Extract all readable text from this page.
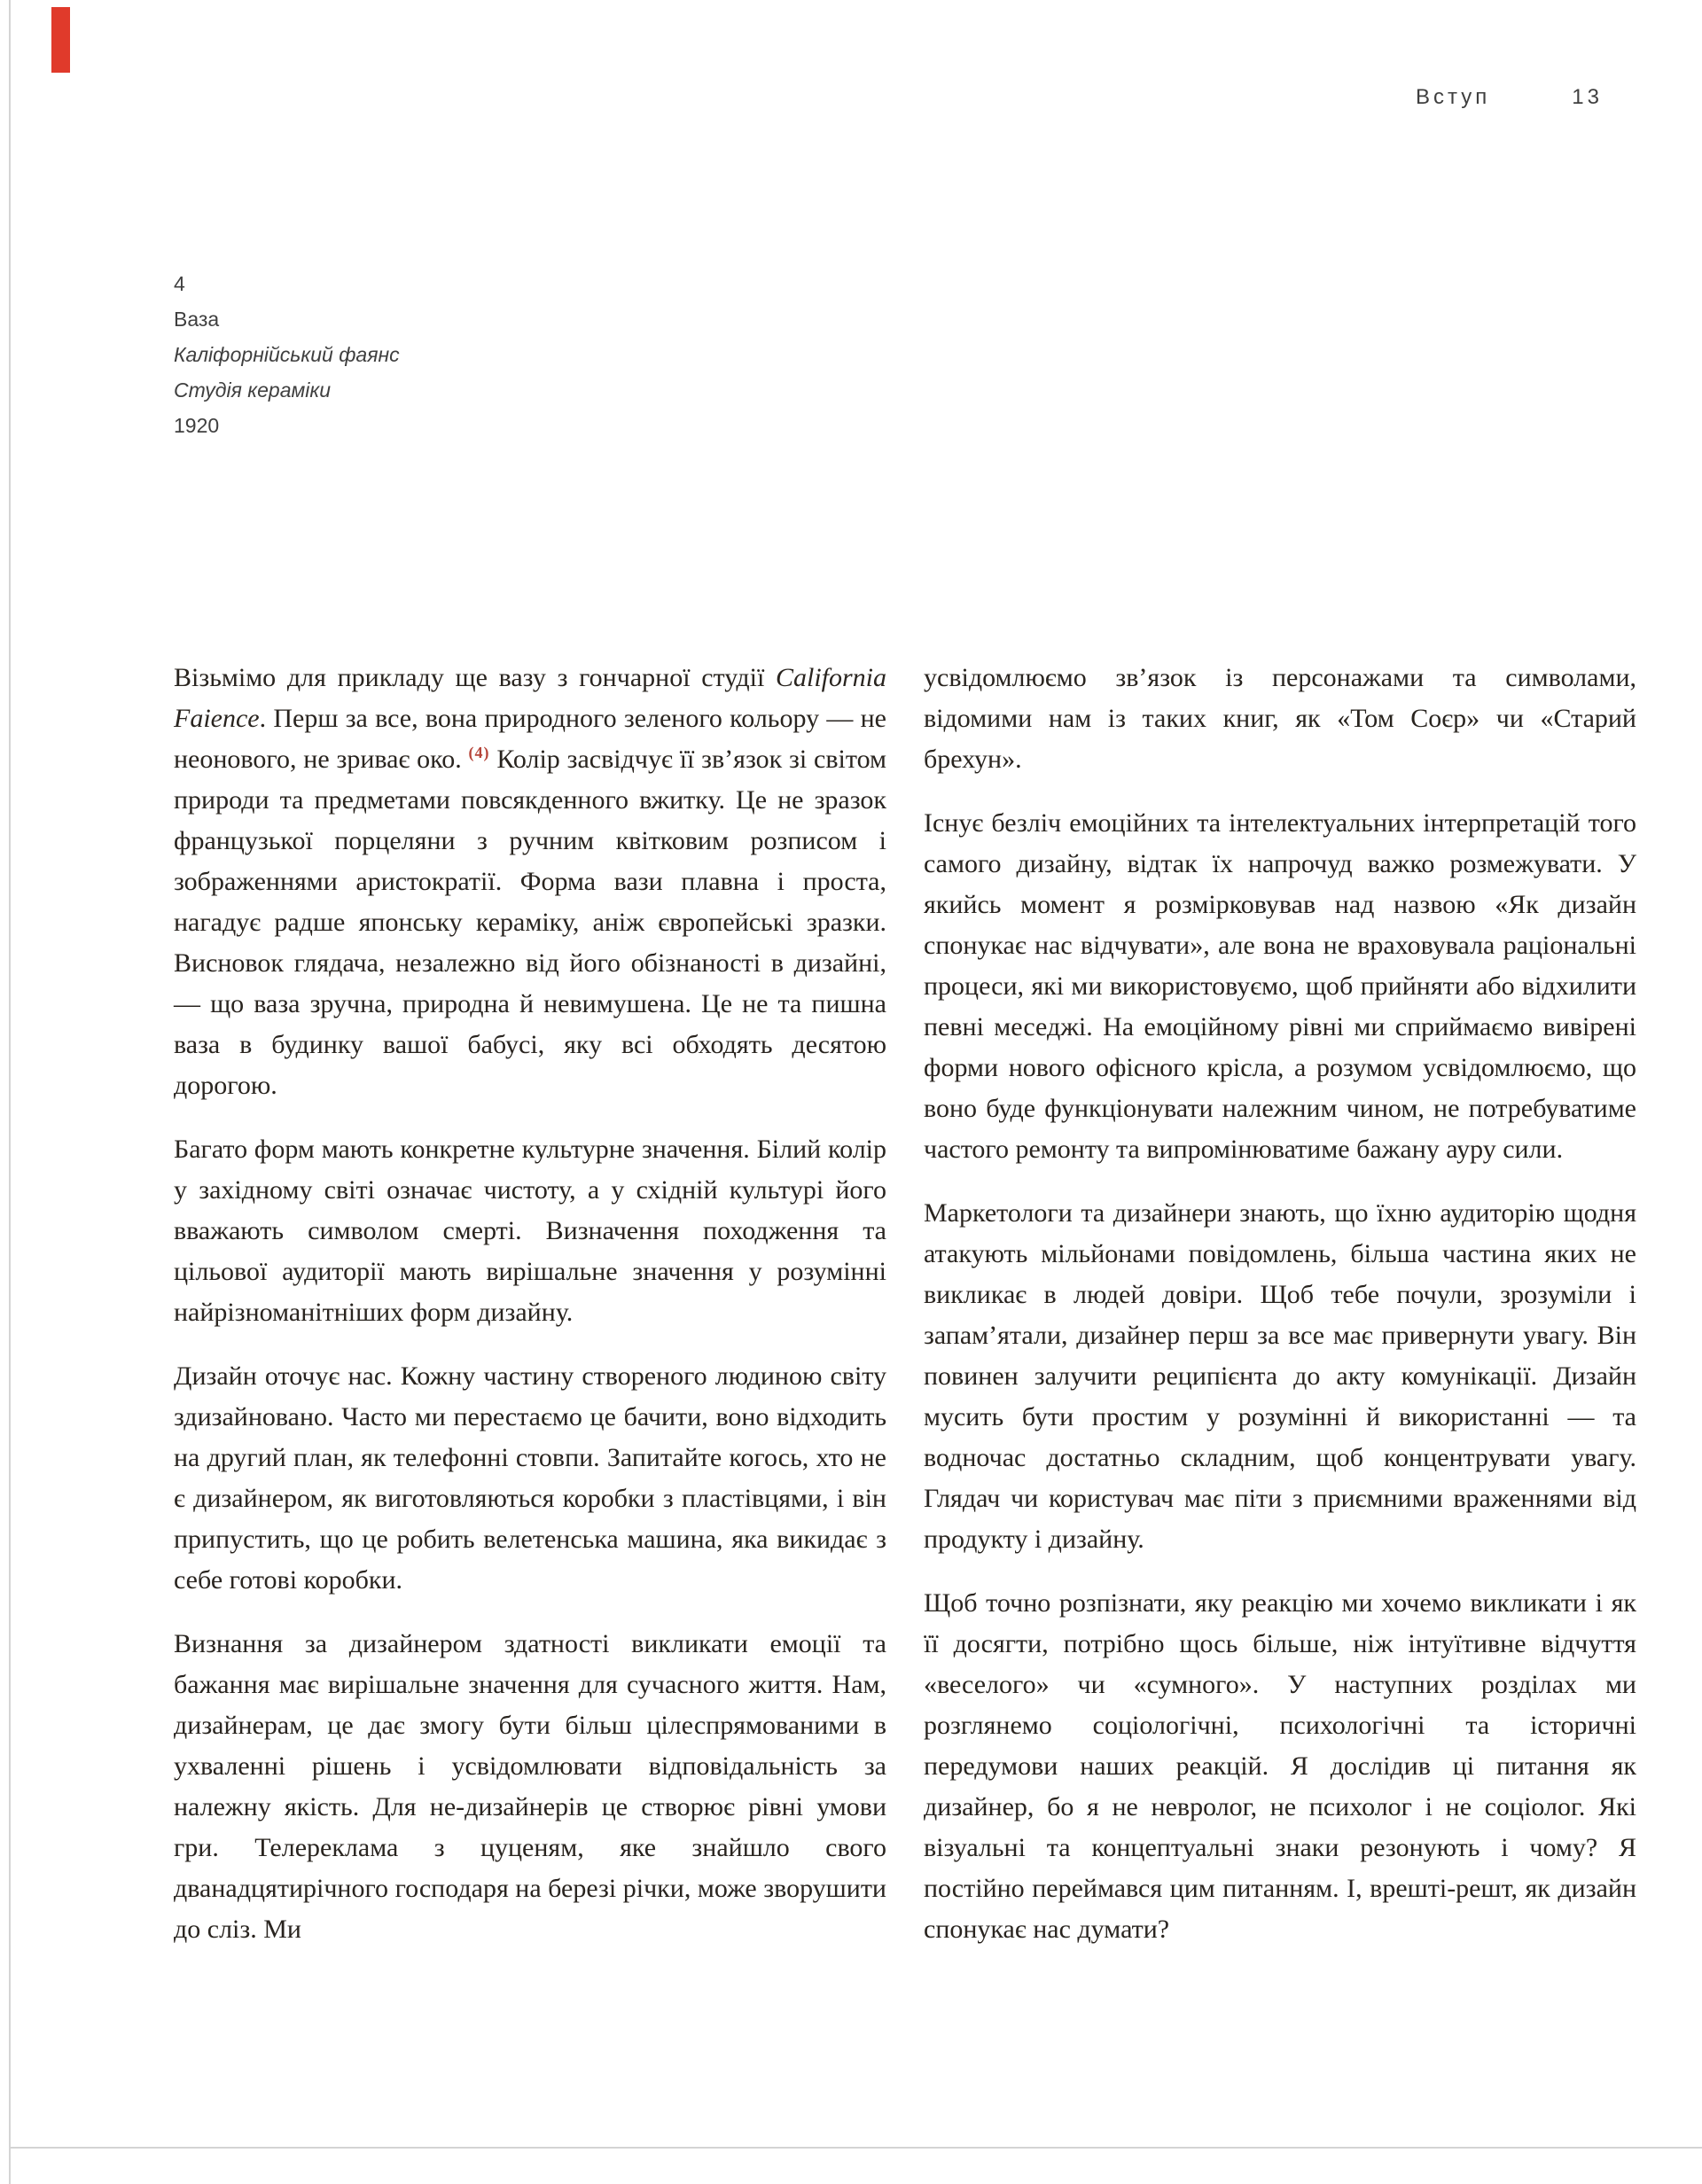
Вступ	13
4
Ваза
Каліфорнійський фаянс
Студія кераміки
1920

Візьмімо для прикладу ще вазу з гончарної студії California Faience. Перш за все, вона природного зеленого кольору — не неонового, не зриває око. $^{(4)}$ Колір засвідчує її зв’язок зі світом природи та предметами повсякденного вжитку. Це не зразок французької порцеляни з ручним квітковим розписом і зображеннями аристократії. Форма вази плавна і проста, нагадує радше японську кераміку, аніж європейські зразки. Висновок глядача, незалежно від його обізнаності в дизайні, — що ваза зручна, природна й невимушена. Це не та пишна ваза в будинку вашої бабусі, яку всі обходять десятою дорогою.

Багато форм мають конкретне культурне значення. Білий колір у західному світі означає чистоту, а у східній культурі його вважають символом смерті. Визначення походження та цільової аудиторії мають вирішальне значення у розумінні найрізноманітніших форм дизайну.

Дизайн оточує нас. Кожну частину створеного людиною світу здизайновано. Часто ми перестаємо це бачити, воно відходить на другий план, як телефонні стовпи. Запитайте когось, хто не є дизайнером, як виготовляються коробки з пластівцями, і він припустить, що це робить велетенська машина, яка викидає з себе готові коробки.

Визнання за дизайнером здатності викликати емоції та бажання має вирішальне значення для сучасного життя. Нам, дизайнерам, це дає змогу бути більш цілеспрямованими в ухваленні рішень і усвідомлювати відповідальність за належну якість. Для не-дизайнерів це створює рівні умови гри. Телереклама з цуценям, яке знайшло свого дванадцятирічного господаря на березі річки, може зворушити до сліз. Ми

усвідомлюємо зв’язок із персонажами та символами, відомими нам із таких книг, як «Том Соєр» чи «Старий брехун».

Існує безліч емоційних та інтелектуальних інтерпретацій того самого дизайну, відтак їх напрочуд важко розмежувати. У якийсь момент я розмірковував над назвою «Як дизайн спонукає нас відчувати», але вона не враховувала раціональні процеси, які ми використовуємо, щоб прийняти або відхилити певні меседжі. На емоційному рівні ми сприймаємо вивірені форми нового офісного крісла, а розумом усвідомлюємо, що воно буде функціонувати належним чином, не потребуватиме частого ремонту та випромінюватиме бажану ауру сили.

Маркетологи та дизайнери знають, що їхню аудиторію щодня атакують мільйонами повідомлень, більша частина яких не викликає в людей довіри. Щоб тебе почули, зрозуміли і запам’ятали, дизайнер перш за все має привернути увагу. Він повинен залучити реципієнта до акту комунікації. Дизайн мусить бути простим у розумінні й використанні — та водночас достатньо складним, щоб концентрувати увагу. Глядач чи користувач має піти з приємними враженнями від продукту і дизайну.

Щоб точно розпізнати, яку реакцію ми хочемо викликати і як її досягти, потрібно щось більше, ніж інтуїтивне відчуття «веселого» чи «сумного». У наступних розділах ми розглянемо соціологічні, психологічні та історичні передумови наших реакцій. Я дослідив ці питання як дизайнер, бо я не невролог, не психолог і не соціолог. Які візуальні та концептуальні знаки резонують і чому? Я постійно переймався цим питанням. І, врешті-решт, як дизайн спонукає нас думати?
